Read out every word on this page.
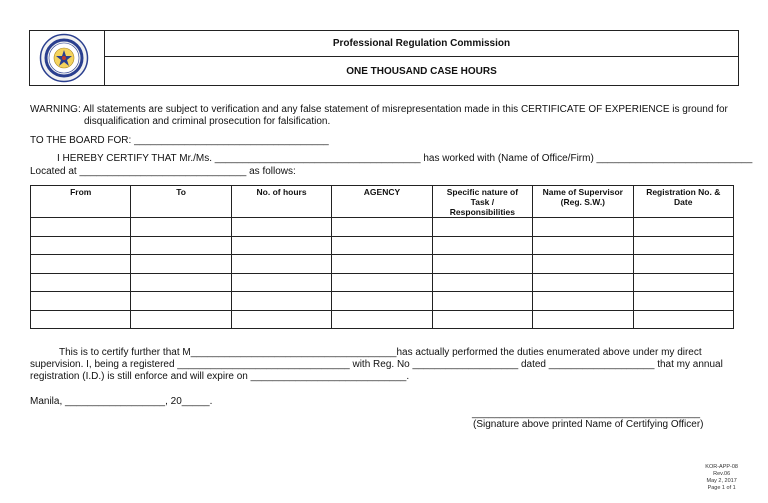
Professional Regulation Commission
ONE THOUSAND CASE HOURS
WARNING: All statements are subject to verification and any false statement of misrepresentation made in this CERTIFICATE OF EXPERIENCE is ground for
disqualification and criminal prosecution for falsification.
TO THE BOARD FOR: ___________________________________
I HEREBY CERTIFY THAT Mr./Ms. _____________________________________ has worked with (Name of Office/Firm) ____________________________
Located at ______________________________ as follows:
From	To	No. of hours	AGENCY	Specific nature of Task / Responsibilities	Name of Supervisor (Reg. S.W.)	Registration No. & Date

This is to certify further that M_____________________________________has actually performed the duties enumerated above under my direct
supervision. I, being a registered _______________________________ with Reg. No ___________________ dated ___________________ that my annual
registration (I.D.) is still enforce and will expire on ____________________________.
Manila, __________________, 20_____.
_________________________________________
(Signature above printed Name of Certifying Officer)
KOR-APP-08
Rev.06
May 2, 2017
Page 1 of 1
